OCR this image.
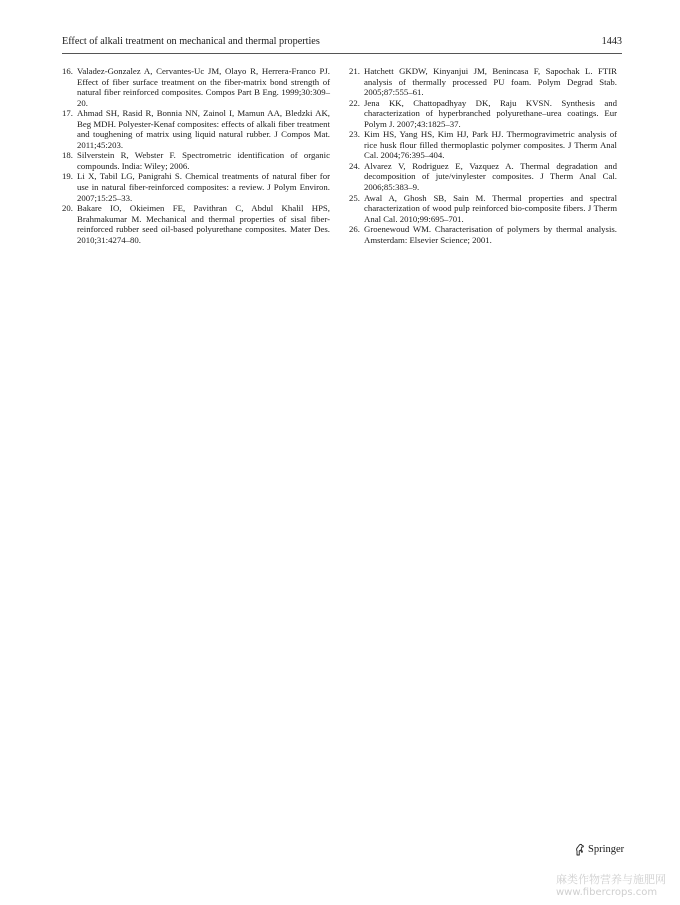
Effect of alkali treatment on mechanical and thermal properties	1443
16. Valadez-Gonzalez A, Cervantes-Uc JM, Olayo R, Herrera-Franco PJ. Effect of fiber surface treatment on the fiber-matrix bond strength of natural fiber reinforced composites. Compos Part B Eng. 1999;30:309–20.
17. Ahmad SH, Rasid R, Bonnia NN, Zainol I, Mamun AA, Bledzki AK, Beg MDH. Polyester-Kenaf composites: effects of alkali fiber treatment and toughening of matrix using liquid natural rubber. J Compos Mat. 2011;45:203.
18. Silverstein R, Webster F. Spectrometric identification of organic compounds. India: Wiley; 2006.
19. Li X, Tabil LG, Panigrahi S. Chemical treatments of natural fiber for use in natural fiber-reinforced composites: a review. J Polym Environ. 2007;15:25–33.
20. Bakare IO, Okieimen FE, Pavithran C, Abdul Khalil HPS, Brahmakumar M. Mechanical and thermal properties of sisal fiber-reinforced rubber seed oil-based polyurethane composites. Mater Des. 2010;31:4274–80.
21. Hatchett GKDW, Kinyanjui JM, Benincasa F, Sapochak L. FTIR analysis of thermally processed PU foam. Polym Degrad Stab. 2005;87:555–61.
22. Jena KK, Chattopadhyay DK, Raju KVSN. Synthesis and characterization of hyperbranched polyurethane–urea coatings. Eur Polym J. 2007;43:1825–37.
23. Kim HS, Yang HS, Kim HJ, Park HJ. Thermogravimetric analysis of rice husk flour filled thermoplastic polymer composites. J Therm Anal Cal. 2004;76:395–404.
24. Alvarez V, Rodriguez E, Vazquez A. Thermal degradation and decomposition of jute/vinylester composites. J Therm Anal Cal. 2006;85:383–9.
25. Awal A, Ghosh SB, Sain M. Thermal properties and spectral characterization of wood pulp reinforced bio-composite fibers. J Therm Anal Cal. 2010;99:695–701.
26. Groenewoud WM. Characterisation of polymers by thermal analysis. Amsterdam: Elsevier Science; 2001.
Springer
麻类作物营养与施肥网
www.fibercrops.com
